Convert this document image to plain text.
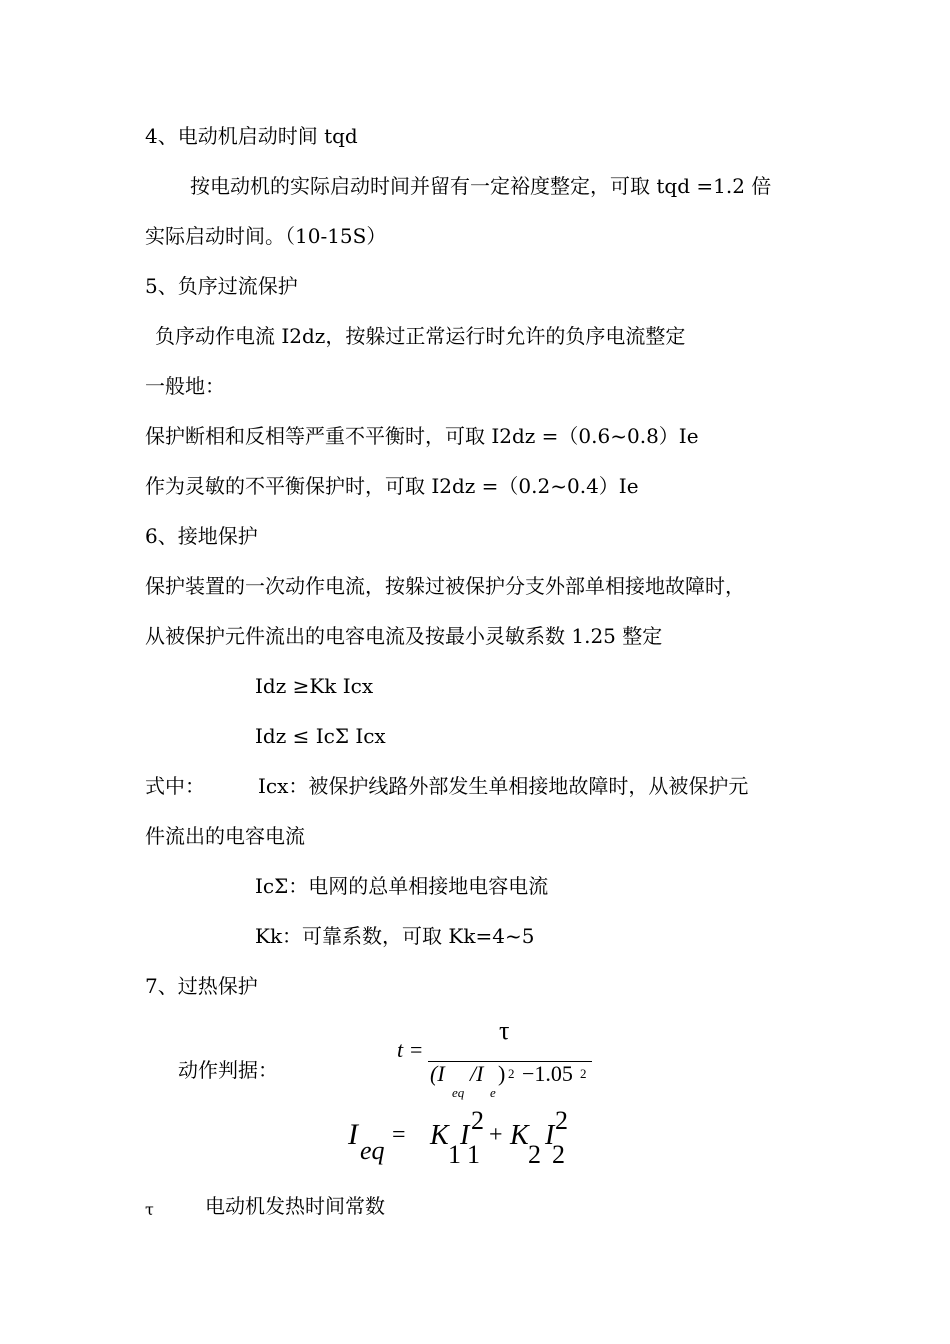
4、电动机启动时间 tqd
按电动机的实际启动时间并留有一定裕度整定，可取 tqd =1.2 倍
实际启动时间。（10-15S）
5、负序过流保护
负序动作电流 I2dz，按躲过正常运行时允许的负序电流整定
一般地：
保护断相和反相等严重不平衡时，可取 I2dz =（0.6~0.8）Ie
作为灵敏的不平衡保护时，可取 I2dz =（0.2~0.4）Ie
6、接地保护
保护装置的一次动作电流，按躲过被保护分支外部单相接地故障时，
从被保护元件流出的电容电流及按最小灵敏系数 1.25 整定
Idz ≥Kk Icx
Idz ≤ IcΣ Icx
式中：	Icx：被保护线路外部发生单相接地故障时，从被保护元
件流出的电容电流
IcΣ：电网的总单相接地电容电流
Kk：可靠系数，可取 Kk=4~5
7、过热保护
动作判据：
t =
τ
(I
eq
/I
e
) 2 −1.05 2
I eq
= K
1
I
1
2 + K
2
I
2
2
τ	电动机发热时间常数
